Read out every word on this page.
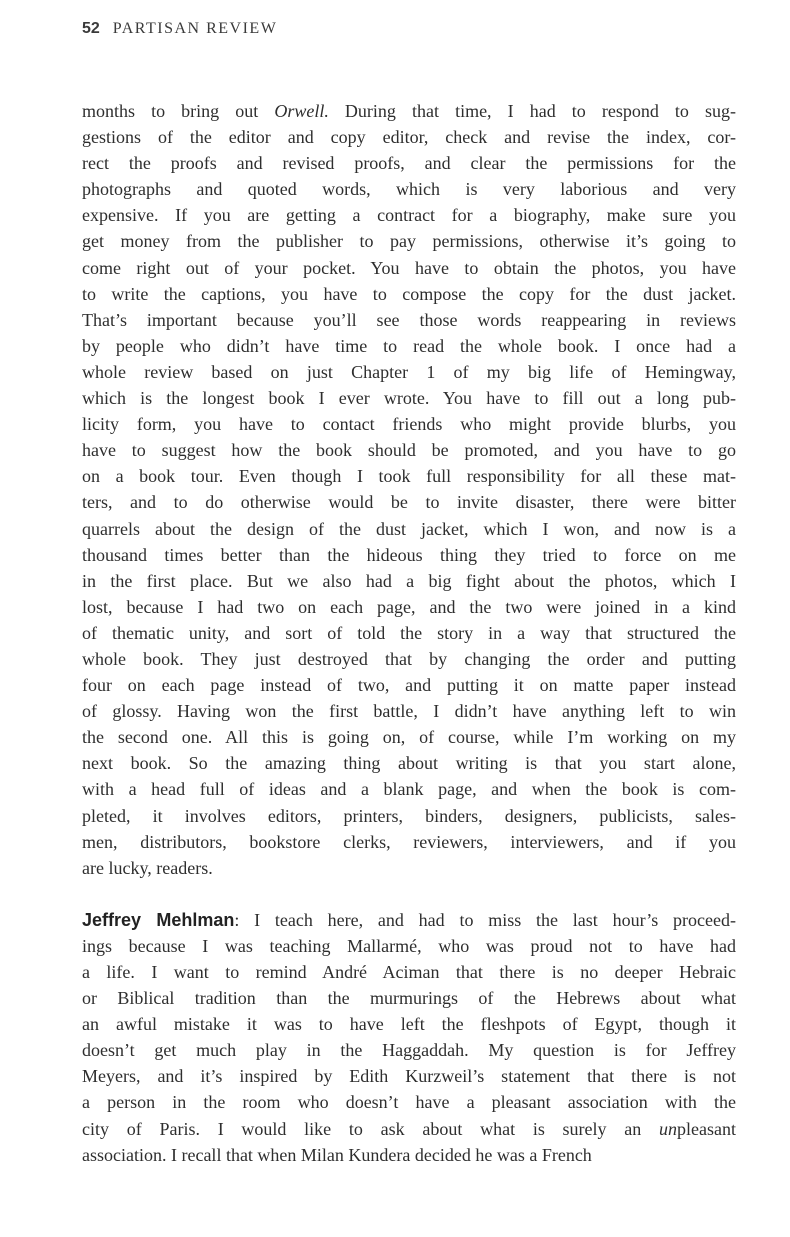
52 PARTISAN REVIEW
months to bring out Orwell. During that time, I had to respond to sug-
gestions of the editor and copy editor, check and revise the index, cor-
rect the proofs and revised proofs, and clear the permissions for the
photographs and quoted words, which is very laborious and very
expensive. If you are getting a contract for a biography, make sure you
get money from the publisher to pay permissions, otherwise it’s going to
come right out of your pocket. You have to obtain the photos, you have
to write the captions, you have to compose the copy for the dust jacket.
That’s important because you’ll see those words reappearing in reviews
by people who didn’t have time to read the whole book. I once had a
whole review based on just Chapter 1 of my big life of Hemingway,
which is the longest book I ever wrote. You have to fill out a long pub-
licity form, you have to contact friends who might provide blurbs, you
have to suggest how the book should be promoted, and you have to go
on a book tour. Even though I took full responsibility for all these mat-
ters, and to do otherwise would be to invite disaster, there were bitter
quarrels about the design of the dust jacket, which I won, and now is a
thousand times better than the hideous thing they tried to force on me
in the first place. But we also had a big fight about the photos, which I
lost, because I had two on each page, and the two were joined in a kind
of thematic unity, and sort of told the story in a way that structured the
whole book. They just destroyed that by changing the order and putting
four on each page instead of two, and putting it on matte paper instead
of glossy. Having won the first battle, I didn’t have anything left to win
the second one. All this is going on, of course, while I’m working on my
next book. So the amazing thing about writing is that you start alone,
with a head full of ideas and a blank page, and when the book is com-
pleted, it involves editors, printers, binders, designers, publicists, sales-
men, distributors, bookstore clerks, reviewers, interviewers, and if you
are lucky, readers.
Jeffrey Mehlman: I teach here, and had to miss the last hour’s proceed-
ings because I was teaching Mallarmé, who was proud not to have had
a life. I want to remind André Aciman that there is no deeper Hebraic
or Biblical tradition than the murmurings of the Hebrews about what
an awful mistake it was to have left the fleshpots of Egypt, though it
doesn’t get much play in the Haggaddah. My question is for Jeffrey
Meyers, and it’s inspired by Edith Kurzweil’s statement that there is not
a person in the room who doesn’t have a pleasant association with the
city of Paris. I would like to ask about what is surely an unpleasant
association. I recall that when Milan Kundera decided he was a French
